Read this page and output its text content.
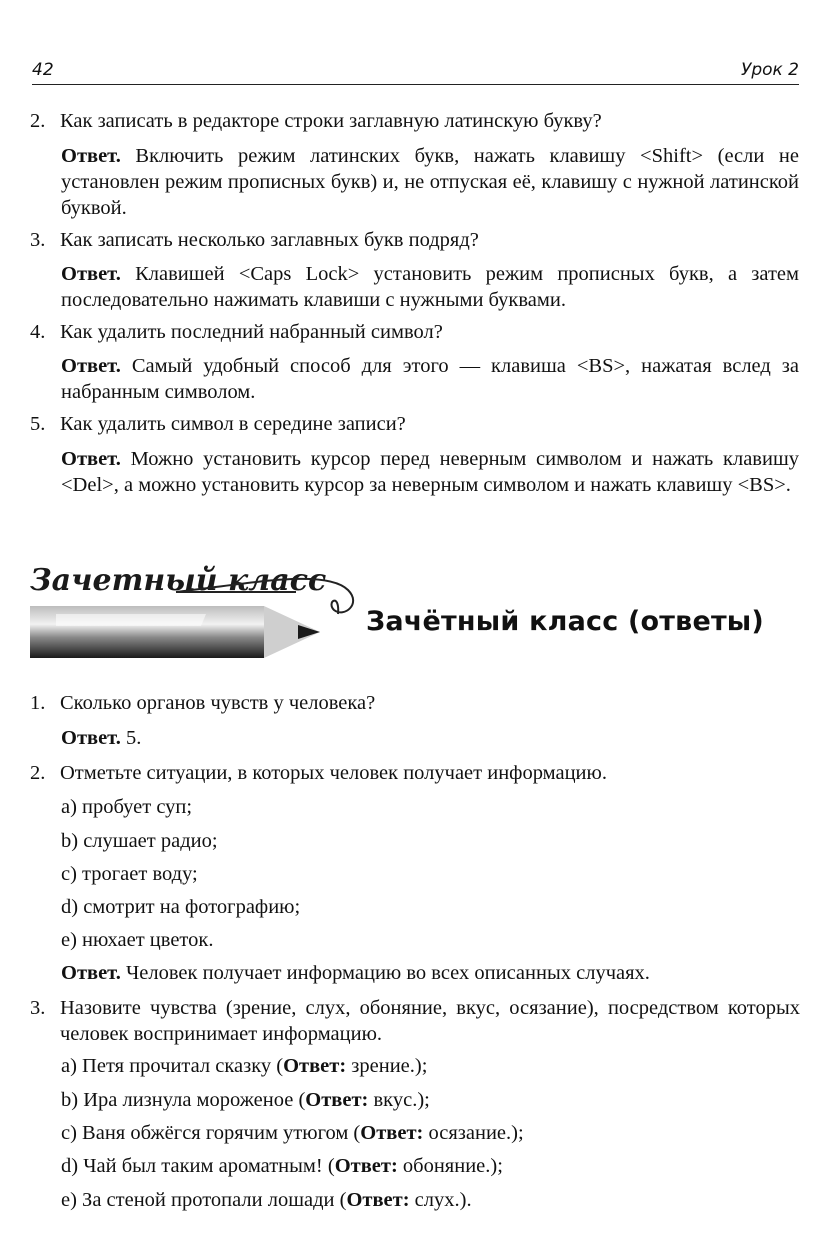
42	Урок 2
2. Как записать в редакторе строки заглавную латинскую букву?
Ответ. Включить режим латинских букв, нажать клавишу <Shift> (если не установлен режим прописных букв) и, не отпуская её, клавишу с нужной латинской буквой.
3. Как записать несколько заглавных букв подряд?
Ответ. Клавишей <Caps Lock> установить режим прописных букв, а затем последовательно нажимать клавиши с нужными буквами.
4. Как удалить последний набранный символ?
Ответ. Самый удобный способ для этого — клавиша <BS>, нажатая вслед за набранным символом.
5. Как удалить символ в середине записи?
Ответ. Можно установить курсор перед неверным символом и нажать клавишу <Del>, а можно установить курсор за неверным символом и нажать клавишу <BS>.
Зачетный класс
Зачётный класс (ответы)
1. Сколько органов чувств у человека?
Ответ. 5.
2. Отметьте ситуации, в которых человек получает информацию.
a) пробует суп;
b) слушает радио;
c) трогает воду;
d) смотрит на фотографию;
e) нюхает цветок.
Ответ. Человек получает информацию во всех описанных случаях.
3. Назовите чувства (зрение, слух, обоняние, вкус, осязание), посредством которых человек воспринимает информацию.
a) Петя прочитал сказку (Ответ: зрение.);
b) Ира лизнула мороженое (Ответ: вкус.);
c) Ваня обжёгся горячим утюгом (Ответ: осязание.);
d) Чай был таким ароматным! (Ответ: обоняние.);
e) За стеной протопали лошади (Ответ: слух.).
